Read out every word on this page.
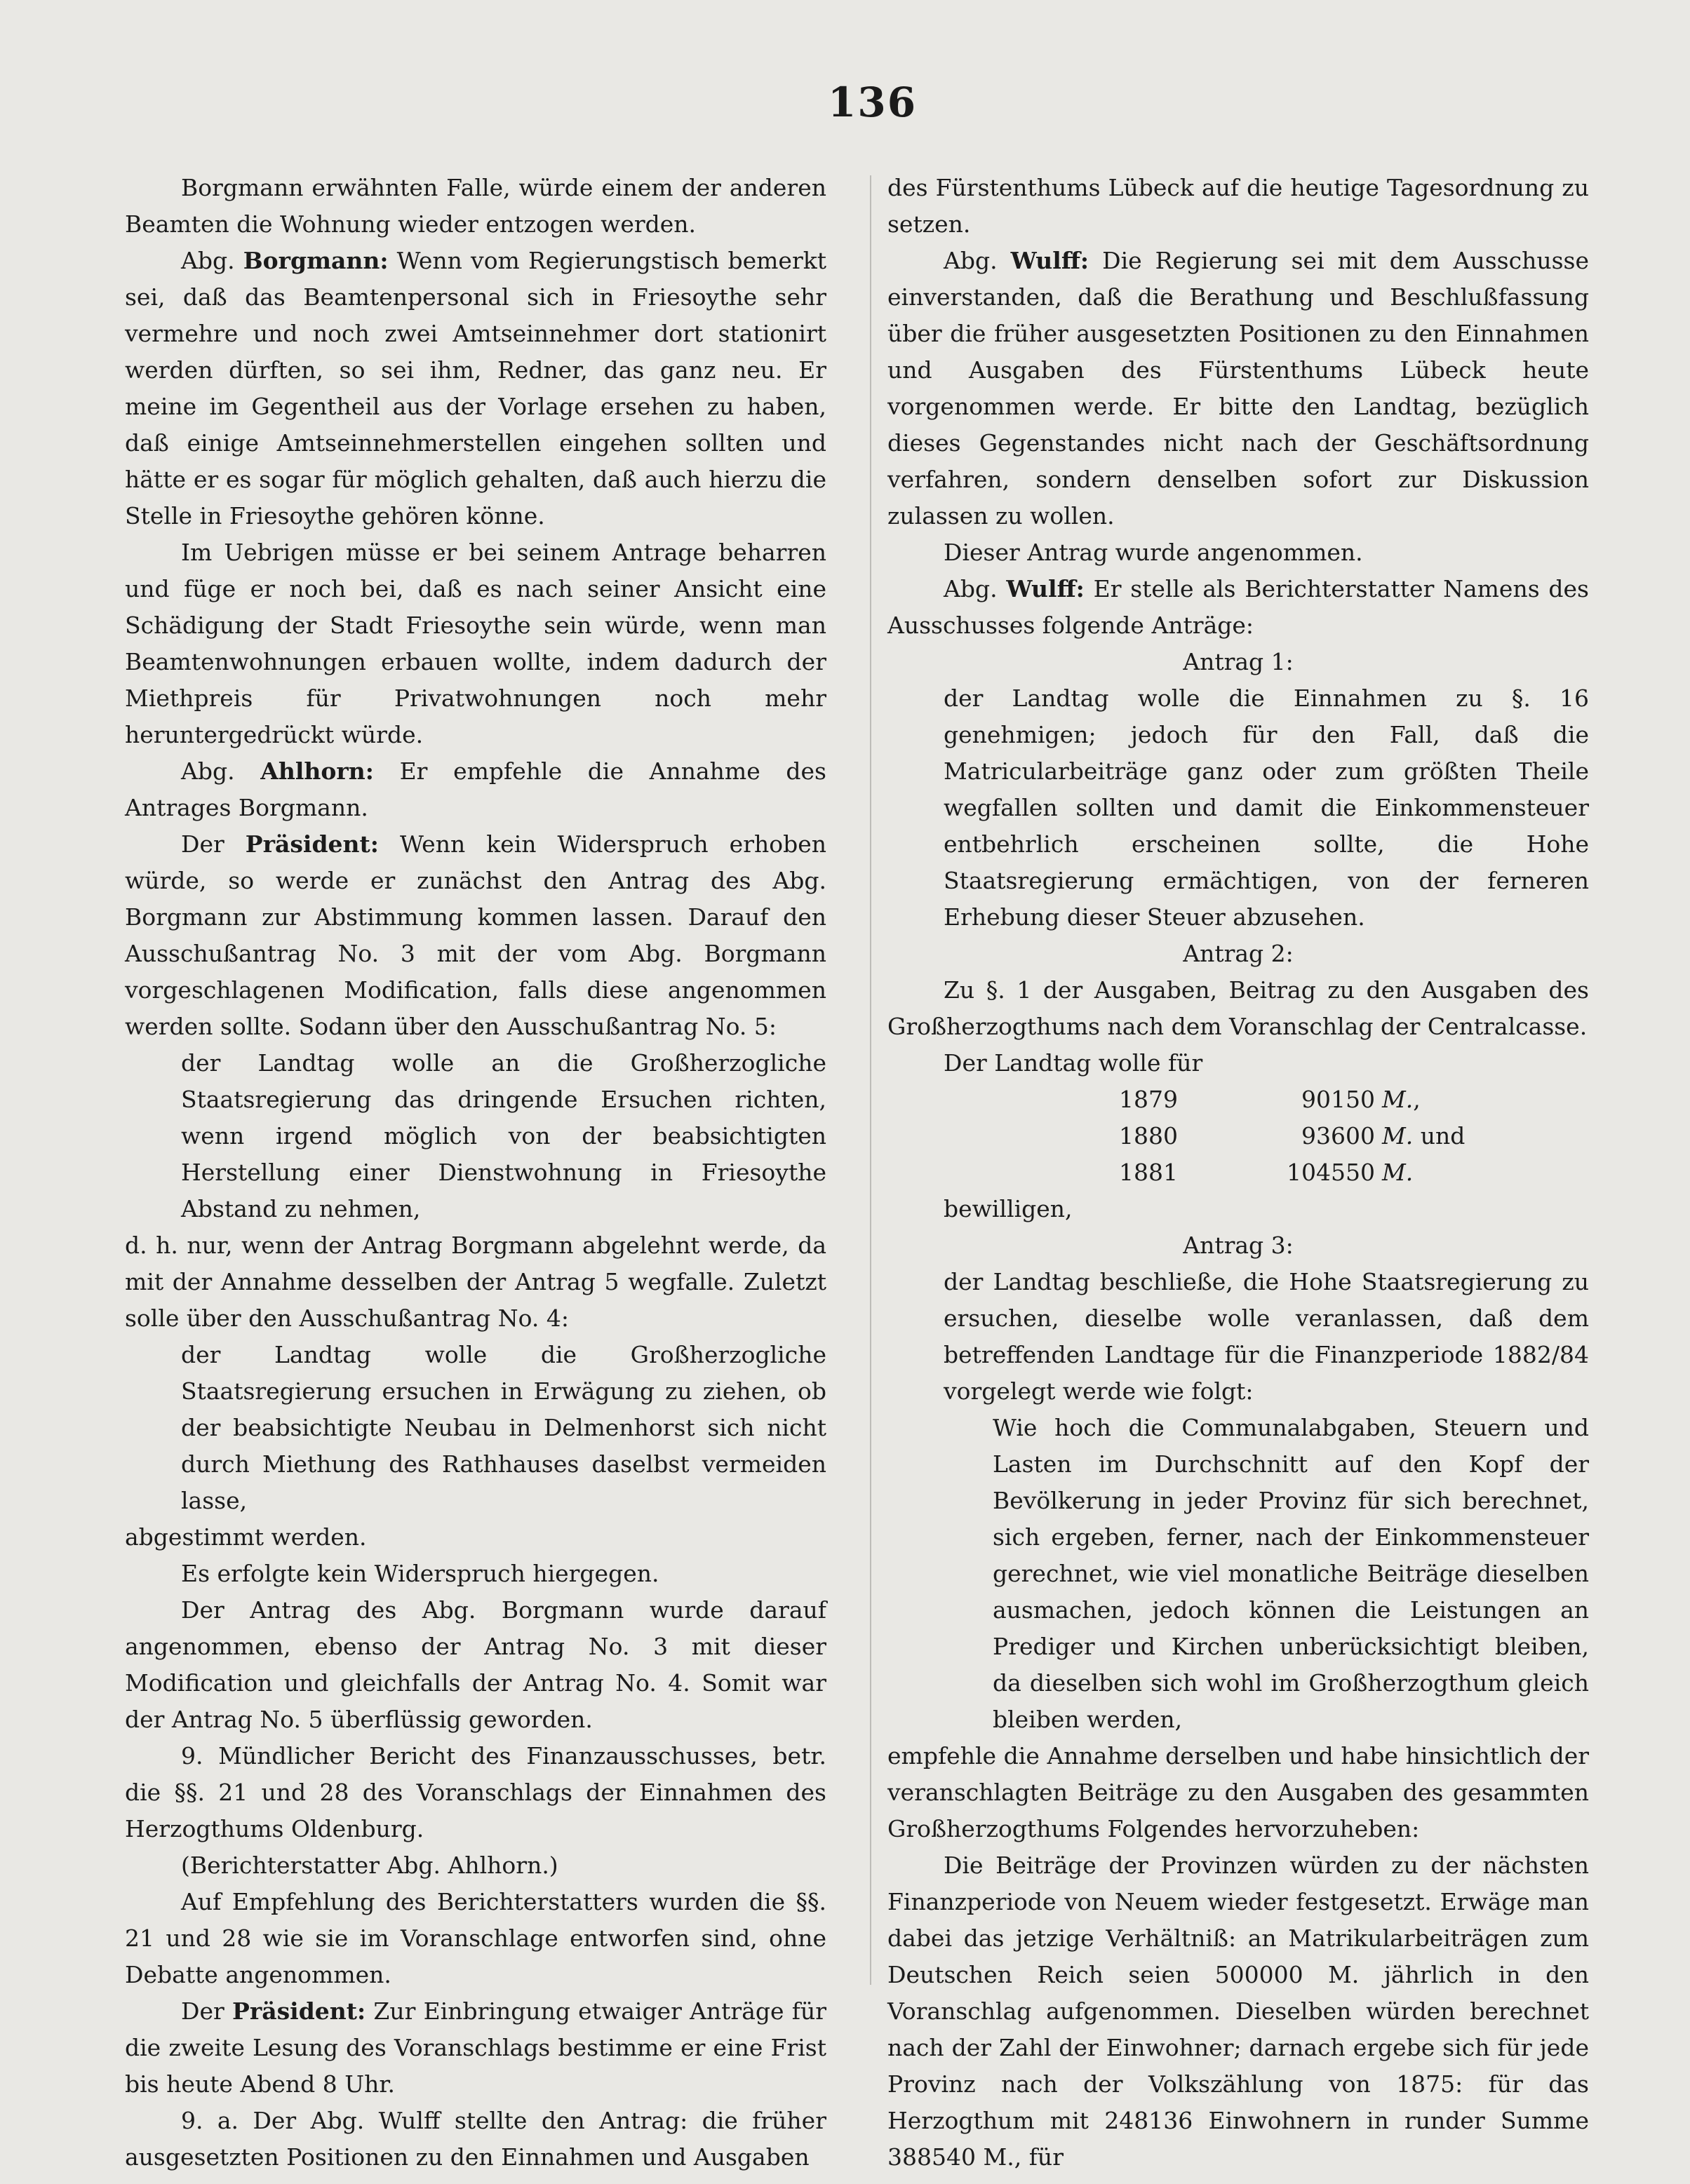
136

Borgmann erwähnten Falle, würde einem der anderen Beamten die Wohnung wieder entzogen werden.

Abg. Borgmann: Wenn vom Regierungstisch bemerkt sei, daß das Beamtenpersonal sich in Friesoythe sehr vermehre und noch zwei Amtseinnehmer dort stationirt werden dürften, so sei ihm, Redner, das ganz neu. Er meine im Gegentheil aus der Vorlage ersehen zu haben, daß einige Amtseinnehmerstellen eingehen sollten und hätte er es sogar für möglich gehalten, daß auch hierzu die Stelle in Friesoythe gehören könne.

Im Uebrigen müsse er bei seinem Antrage beharren und füge er noch bei, daß es nach seiner Ansicht eine Schädigung der Stadt Friesoythe sein würde, wenn man Beamtenwohnungen erbauen wollte, indem dadurch der Miethpreis für Privatwohnungen noch mehr heruntergedrückt würde.

Abg. Ahlhorn: Er empfehle die Annahme des Antrages Borgmann.

Der Präsident: Wenn kein Widerspruch erhoben würde, so werde er zunächst den Antrag des Abg. Borgmann zur Abstimmung kommen lassen. Darauf den Ausschußantrag No. 3 mit der vom Abg. Borgmann vorgeschlagenen Modification, falls diese angenommen werden sollte. Sodann über den Ausschußantrag No. 5:

der Landtag wolle an die Großherzogliche Staatsregierung das dringende Ersuchen richten, wenn irgend möglich von der beabsichtigten Herstellung einer Dienstwohnung in Friesoythe Abstand zu nehmen,

d. h. nur, wenn der Antrag Borgmann abgelehnt werde, da mit der Annahme desselben der Antrag 5 wegfalle. Zuletzt solle über den Ausschußantrag No. 4:

der Landtag wolle die Großherzogliche Staatsregierung ersuchen in Erwägung zu ziehen, ob der beabsichtigte Neubau in Delmenhorst sich nicht durch Miethung des Rathhauses daselbst vermeiden lasse,

abgestimmt werden.

Es erfolgte kein Widerspruch hiergegen.

Der Antrag des Abg. Borgmann wurde darauf angenommen, ebenso der Antrag No. 3 mit dieser Modification und gleichfalls der Antrag No. 4. Somit war der Antrag No. 5 überflüssig geworden.

9. Mündlicher Bericht des Finanzausschusses, betr. die §§. 21 und 28 des Voranschlags der Einnahmen des Herzogthums Oldenburg.

(Berichterstatter Abg. Ahlhorn.)

Auf Empfehlung des Berichterstatters wurden die §§. 21 und 28 wie sie im Voranschlage entworfen sind, ohne Debatte angenommen.

Der Präsident: Zur Einbringung etwaiger Anträge für die zweite Lesung des Voranschlags bestimme er eine Frist bis heute Abend 8 Uhr.

9. a. Der Abg. Wulff stellte den Antrag: die früher ausgesetzten Positionen zu den Einnahmen und Ausgaben

des Fürstenthums Lübeck auf die heutige Tagesordnung zu setzen.

Abg. Wulff: Die Regierung sei mit dem Ausschusse einverstanden, daß die Berathung und Beschlußfassung über die früher ausgesetzten Positionen zu den Einnahmen und Ausgaben des Fürstenthums Lübeck heute vorgenommen werde. Er bitte den Landtag, bezüglich dieses Gegenstandes nicht nach der Geschäftsordnung verfahren, sondern denselben sofort zur Diskussion zulassen zu wollen.

Dieser Antrag wurde angenommen.

Abg. Wulff: Er stelle als Berichterstatter Namens des Ausschusses folgende Anträge:

Antrag 1:

der Landtag wolle die Einnahmen zu §. 16 genehmigen; jedoch für den Fall, daß die Matricularbeiträge ganz oder zum größten Theile wegfallen sollten und damit die Einkommensteuer entbehrlich erscheinen sollte, die Hohe Staatsregierung ermächtigen, von der ferneren Erhebung dieser Steuer abzusehen.

Antrag 2:

Zu §. 1 der Ausgaben, Beitrag zu den Ausgaben des Großherzogthums nach dem Voranschlag der Centralcasse.

Der Landtag wolle für

1879	90150 M.,
1880	93600 M. und
1881	104550 M.

bewilligen,

Antrag 3:

der Landtag beschließe, die Hohe Staatsregierung zu ersuchen, dieselbe wolle veranlassen, daß dem betreffenden Landtage für die Finanzperiode 1882/84 vorgelegt werde wie folgt:

Wie hoch die Communalabgaben, Steuern und Lasten im Durchschnitt auf den Kopf der Bevölkerung in jeder Provinz für sich berechnet, sich ergeben, ferner, nach der Einkommensteuer gerechnet, wie viel monatliche Beiträge dieselben ausmachen, jedoch können die Leistungen an Prediger und Kirchen unberücksichtigt bleiben, da dieselben sich wohl im Großherzogthum gleich bleiben werden,

empfehle die Annahme derselben und habe hinsichtlich der veranschlagten Beiträge zu den Ausgaben des gesammten Großherzogthums Folgendes hervorzuheben:

Die Beiträge der Provinzen würden zu der nächsten Finanzperiode von Neuem wieder festgesetzt. Erwäge man dabei das jetzige Verhältniß: an Matrikularbeiträgen zum Deutschen Reich seien 500000 M. jährlich in den Voranschlag aufgenommen. Dieselben würden berechnet nach der Zahl der Einwohner; darnach ergebe sich für jede Provinz nach der Volkszählung von 1875: für das Herzogthum mit 248136 Einwohnern in runder Summe 388540 M., für
